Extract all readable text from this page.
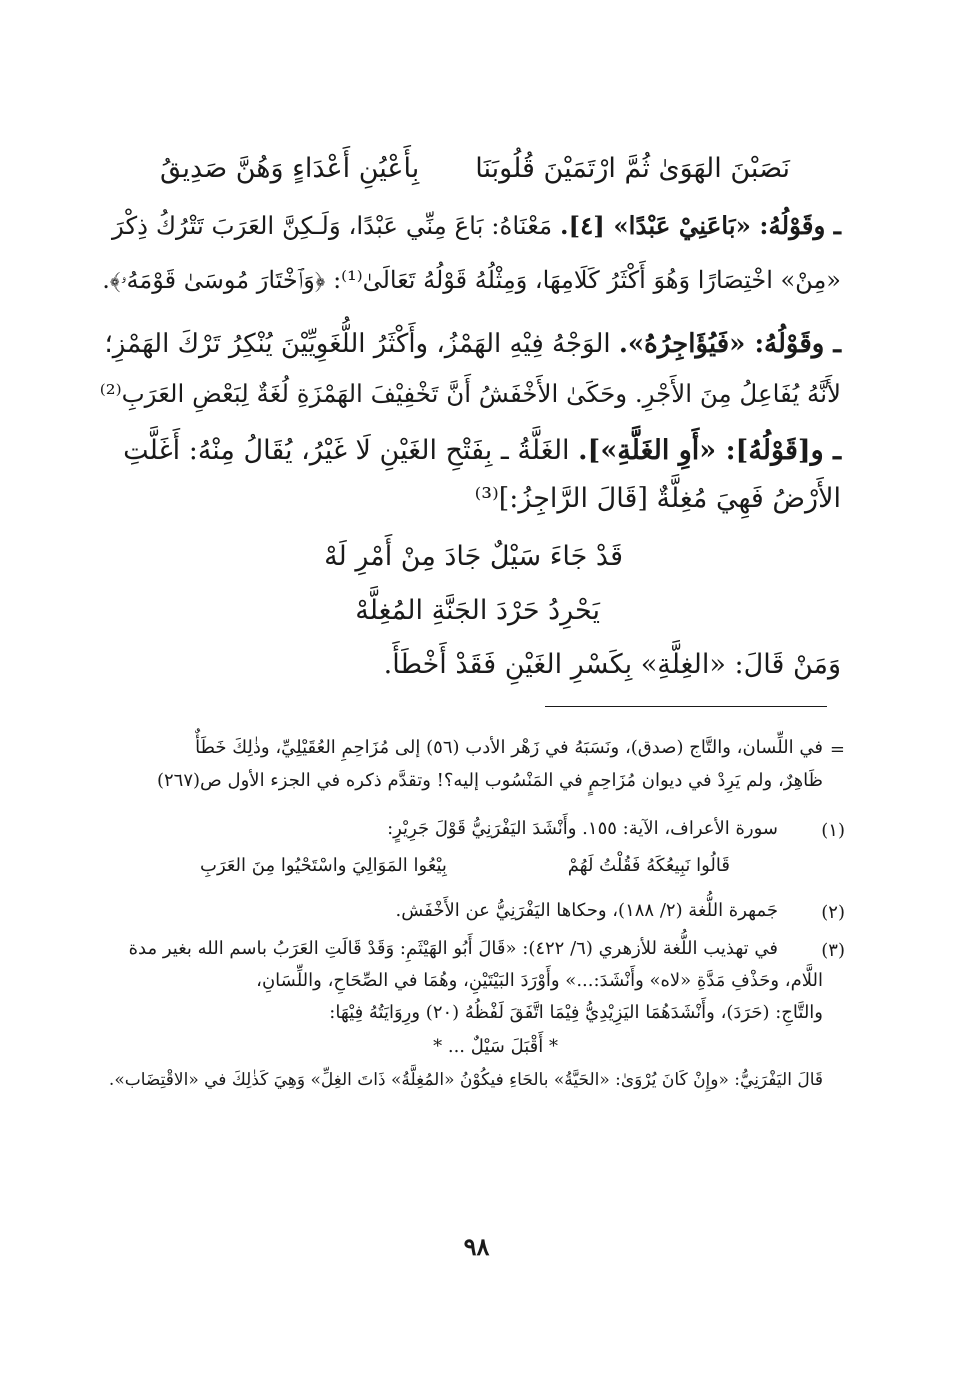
نَصَبْنَ الهَوَىٰ ثُمَّ ارْتَمَيْنَ قُلُوبَنَا
بِأَعْيُنِ أَعْدَاءٍ وَهُنَّ صَدِيقُ
ـ وقَوْلُهُ: «بَاعَنِيْ عَبْدًا» [٤]. مَعْنَاهُ: بَاعَ مِنِّي عَبْدًا، وَلَـكِنَّ العَرَبَ تَتْرُكُ ذِكْرَ
«مِنْ» اخْتِصَارًا وَهُوَ أَكْثَرُ كَلَامِهَا، وَمِثْلُهُ قَوْلُهُ تَعَالَىٰ⁽¹⁾: ﴿وَٱخْتَارَ مُوسَىٰ قَوْمَهُۥ﴾.
ـ وقَوْلُهُ: «فَيُؤَاجِرُهُ». الوَجْهُ فِيْهِ الهَمْزُ، وأَكْثَرُ اللُّغَوِيِّيْنَ يُنْكِرُ تَرْكَ الهَمْزِ؛
لأَنَّهُ يُفَاعِلُ مِنَ الأَجْرِ. وحَكَىٰ الأَخْفَشُ أَنَّ تَخْفِيْفَ الهَمْزَةِ لُغَةٌ لِبَعْضِ العَرَبِ⁽²⁾
ـ و[قَوْلُهُ]: «أَوِ الغَلَّةِ»]. الغَلَّةُ ـ بِفَتْحِ الغَيْنِ لَا غَيْرُ، يُقَالُ مِنْهُ: أَغَلَّتِ
الأَرْضُ فَهِيَ مُغِلَّةٌ [قَالَ الرَّاجِزُ:]⁽³⁾
قَدْ جَاءَ سَيْلٌ جَادَ مِنْ أَمْرِ لَهْ
يَحْرِدُ حَرْدَ الجَنَّةِ المُغِلَّهْ
وَمَنْ قَالَ: «الغِلَّةِ» بِكَسْرِ الغَيْنِ فَقَدْ أَخْطَأَ.
=
في اللِّسان، والتَّاج (صدق)، ونَسَبَهُ في زَهْر الأدب (٥٦) إلى مُزَاحِمِ العُقَيْلِيِّ، وذٰلِكَ خَطَأٌ
ظَاهِرٌ، ولم يَرِدْ في ديوان مُزَاحِمٍ في المَنْسُوب إليه؟! وتقدَّم ذكره في الجزء الأول ص(٢٦٧)
(١)
سورة الأعراف، الآية: ١٥٥. وأَنْشَدَ اليَفْرَنِيُّ قَوْلَ جَرِيْرٍ:
قَالُوا نَبِيعُكَهُ فَقُلْتُ لَهُمْ
بِيْعُوا المَوَالِيَ واسْتَحْيُوا مِنَ العَرَبِ
(٢)
جَمهرة اللُّغة (٢/ ١٨٨)، وحكاها اليَفْرَنِيُّ عن الأَخْفَش.
(٣)
في تهذيب اللُّغة للأزهري (٦/ ٤٢٢): «قَالَ أَبُو الهَيْثَمِ: وَقَدْ قَالَتِ العَرَبُ باسم الله بغير مدة
اللَّام، وحَذْفِ مَدَّةِ «لاه» وأَنْشَدَ:...» وأَوْرَدَ البَيْتَيْنِ، وهُمَا في الصِّحَاحِ، واللِّسَانِ،
والتَّاجِ: (حَرَدَ)، وأَنْشَدَهُمَا اليَزِيْدِيُّ فِيْمَا اتَّفَقَ لَفْظُهُ (٢٠) ورِوَايَتُهُ فِيْهَا:
* أَقْبَلَ سَيْلٌ ... *
قَالَ اليَفْرَنِيُّ: «وإِنْ كَانَ يُرْوَىٰ: «الحَيَّةُ» بالحَاءِ فيكُوْنُ «المُغِلَّةُ» ذَاتَ الغِلِّ» وَهِيَ كَذٰلِكَ في «الاقْتِضَاب».
٩٨
